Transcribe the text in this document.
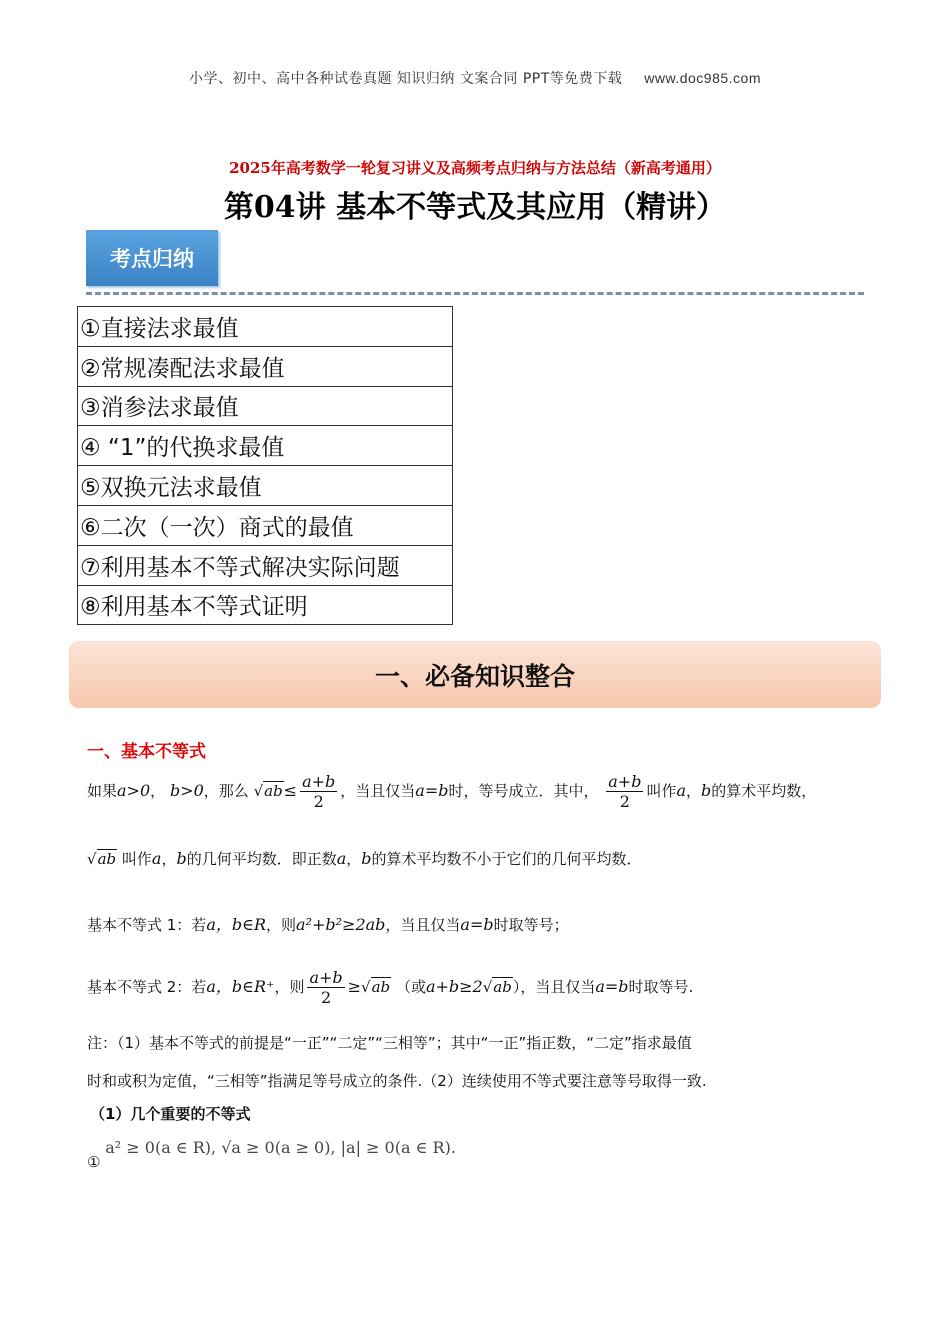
小学、初中、高中各种试卷真题 知识归纳 文案合同 PPT等免费下载 www.doc985.com
2025年高考数学一轮复习讲义及高频考点归纳与方法总结（新高考通用）
第04讲 基本不等式及其应用（精讲）
考点归纳
①直接法求最值
②常规凑配法求最值
③消参法求最值
④ “1”的代换求最值
⑤双换元法求最值
⑥二次（一次）商式的最值
⑦利用基本不等式解决实际问题
⑧利用基本不等式证明
一、必备知识整合
一、基本不等式
如果a>0， b>0，那么 $√ab\le \frac{a+b}{2}$ ，当且仅当a=b时，等号成立．其中， $\frac{a+b}{2}$ 叫作a，b的算术平均数，
√ab 叫作a，b的几何平均数．即正数a，b的算术平均数不小于它们的几何平均数．
基本不等式 1：若a，b∈R，则a²+b²≥2ab，当且仅当a=b时取等号；
基本不等式 2：若a，b∈R⁺，则 $\frac{a+b}{2} \ge√ab$ （或a+b≥2√ab），当且仅当a=b时取等号.
注：（1）基本不等式的前提是“一正”“二定”“三相等”；其中“一正”指正数，“二定”指求最值
时和或积为定值，“三相等”指满足等号成立的条件.（2）连续使用不等式要注意等号取得一致.
（1）几个重要的不等式
① a² ≥ 0(a ∈ R), √a ≥ 0(a ≥ 0), |a| ≥ 0(a ∈ R).
